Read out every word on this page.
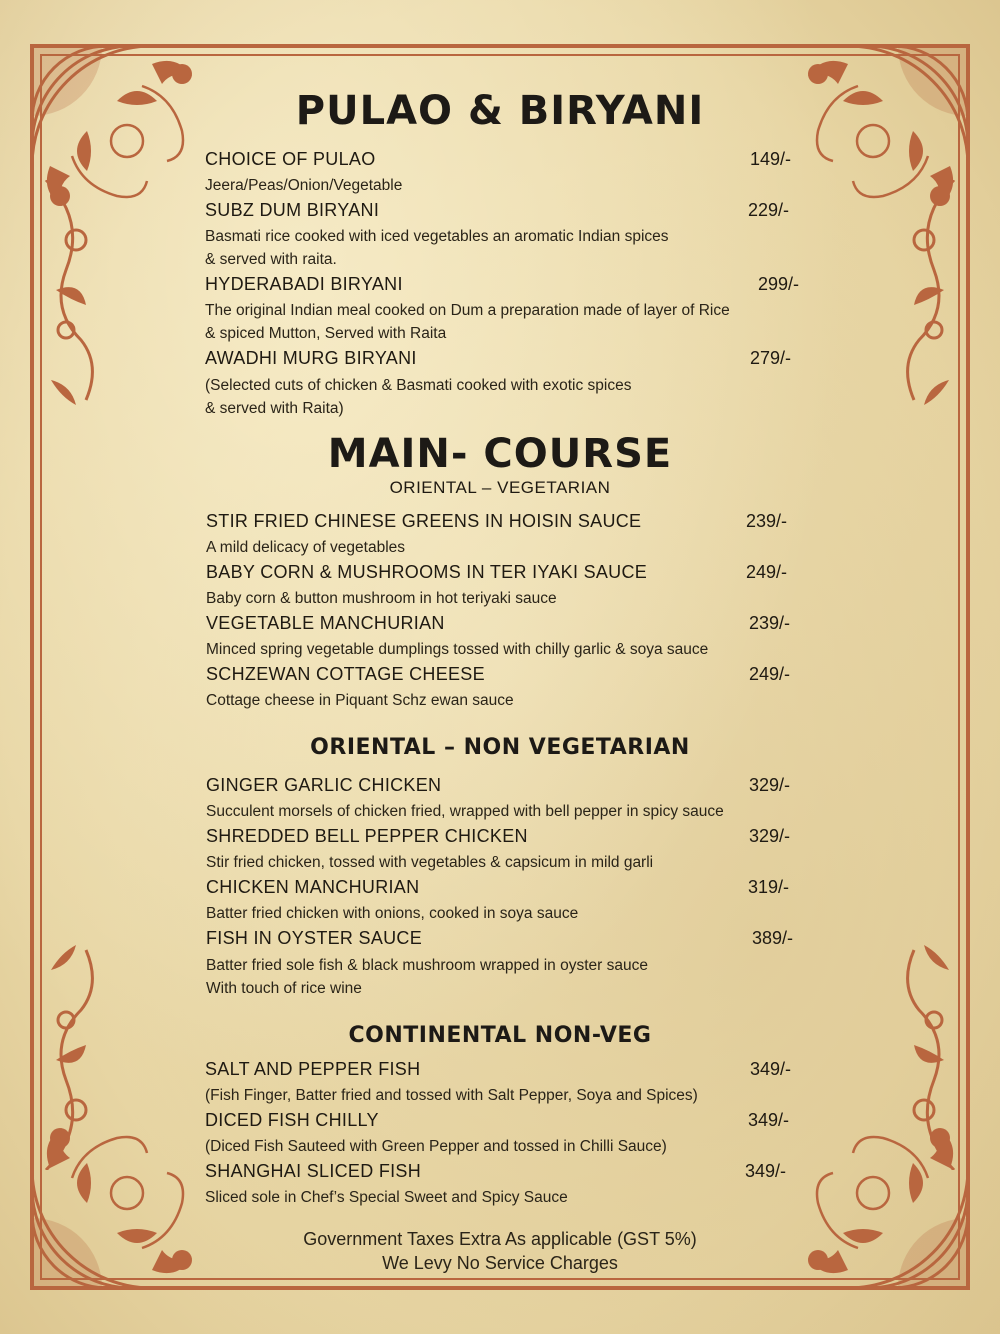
PULAO & BIRYANI
CHOICE OF PULAO	149/-
Jeera/Peas/Onion/Vegetable
SUBZ DUM BIRYANI	229/-
Basmati rice cooked with iced vegetables an aromatic Indian spices
& served with raita.
HYDERABADI BIRYANI	299/-
The original Indian meal cooked on Dum a preparation made of layer of Rice
& spiced Mutton, Served with Raita
AWADHI MURG BIRYANI	279/-
(Selected cuts of chicken & Basmati cooked with exotic spices
& served with Raita)
MAIN- COURSE
ORIENTAL – VEGETARIAN
STIR FRIED CHINESE GREENS IN HOISIN SAUCE	239/-
A mild delicacy of vegetables
BABY CORN & MUSHROOMS IN TER IYAKI SAUCE	249/-
Baby corn & button mushroom in hot teriyaki sauce
VEGETABLE MANCHURIAN	239/-
Minced spring vegetable dumplings tossed with chilly garlic & soya sauce
SCHZEWAN COTTAGE CHEESE	249/-
Cottage cheese in Piquant Schz ewan sauce
ORIENTAL – NON VEGETARIAN
GINGER GARLIC CHICKEN	329/-
Succulent morsels of chicken fried, wrapped with bell pepper in spicy sauce
SHREDDED BELL PEPPER CHICKEN	329/-
Stir fried chicken, tossed with vegetables & capsicum in mild garli
CHICKEN MANCHURIAN	319/-
Batter fried chicken with onions, cooked in soya sauce
FISH IN OYSTER SAUCE	389/-
Batter fried sole fish & black mushroom wrapped in oyster sauce
With touch of rice wine
CONTINENTAL NON-VEG
SALT AND PEPPER FISH	349/-
(Fish Finger, Batter fried and tossed with Salt Pepper, Soya and Spices)
DICED FISH CHILLY	349/-
(Diced Fish Sauteed with Green Pepper and tossed in Chilli Sauce)
SHANGHAI SLICED FISH	349/-
Sliced sole in Chef’s Special Sweet and Spicy Sauce
Government Taxes Extra As applicable (GST 5%)
We Levy No Service Charges
